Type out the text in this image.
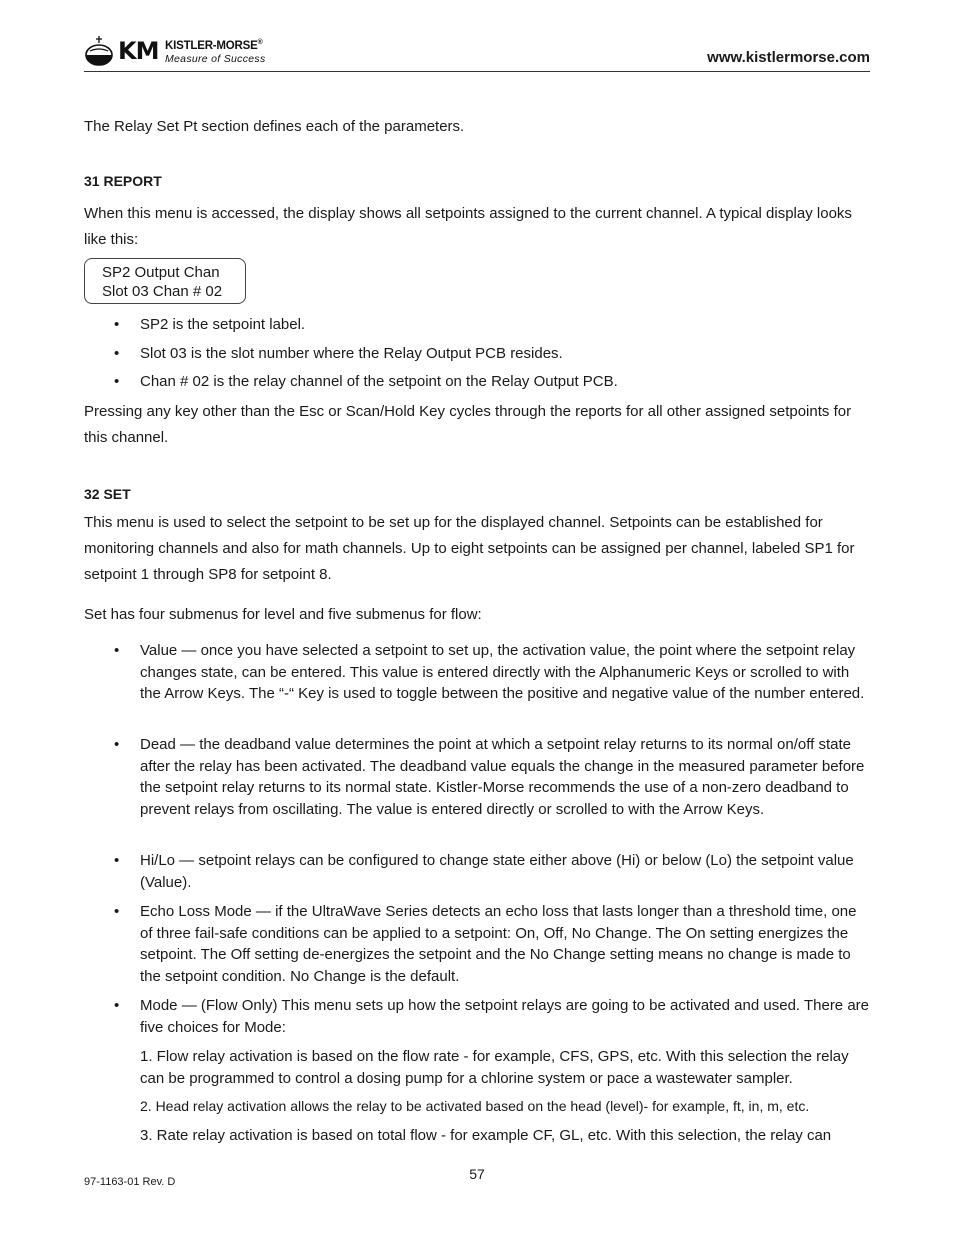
KM KISTLER-MORSE®
Measure of Success	www.kistlermorse.com
The Relay Set Pt section defines each of the parameters.
31 REPORT
When this menu is accessed, the display shows all setpoints assigned to the current channel. A typical display looks like this:
SP2 Output Chan
Slot 03 Chan # 02
• SP2 is the setpoint label.
• Slot 03 is the slot number where the Relay Output PCB resides.
• Chan # 02 is the relay channel of the setpoint on the Relay Output PCB.
Pressing any key other than the Esc or Scan/Hold Key cycles through the reports for all other assigned setpoints for this channel.
32 SET
This menu is used to select the setpoint to be set up for the displayed channel. Setpoints can be established for monitoring channels and also for math channels. Up to eight setpoints can be assigned per channel, labeled SP1 for setpoint 1 through SP8 for setpoint 8.
Set has four submenus for level and five submenus for flow:
• Value — once you have selected a setpoint to set up, the activation value, the point where the setpoint relay changes state, can be entered. This value is entered directly with the Alphanumeric Keys or scrolled to with the Arrow Keys. The “-“ Key is used to toggle between the positive and negative value of the number entered.
• Dead — the deadband value determines the point at which a setpoint relay returns to its normal on/off state after the relay has been activated. The deadband value equals the change in the measured parameter before the setpoint relay returns to its normal state. Kistler-Morse recommends the use of a non-zero deadband to prevent relays from oscillating. The value is entered directly or scrolled to with the Arrow Keys.
• Hi/Lo — setpoint relays can be configured to change state either above (Hi) or below (Lo) the setpoint value (Value).
• Echo Loss Mode — if the UltraWave Series detects an echo loss that lasts longer than a threshold time, one of three fail-safe conditions can be applied to a setpoint: On, Off, No Change. The On setting energizes the setpoint. The Off setting de-energizes the setpoint and the No Change setting means no change is made to the setpoint condition. No Change is the default.
• Mode — (Flow Only) This menu sets up how the setpoint relays are going to be activated and used. There are five choices for Mode:
1. Flow relay activation is based on the flow rate - for example, CFS, GPS, etc. With this selection the relay can be programmed to control a dosing pump for a chlorine system or pace a wastewater sampler.
2. Head relay activation allows the relay to be activated based on the head (level)- for example, ft, in, m, etc.
3. Rate relay activation is based on total flow - for example CF, GL, etc. With this selection, the relay can
57
97-1163-01 Rev. D
